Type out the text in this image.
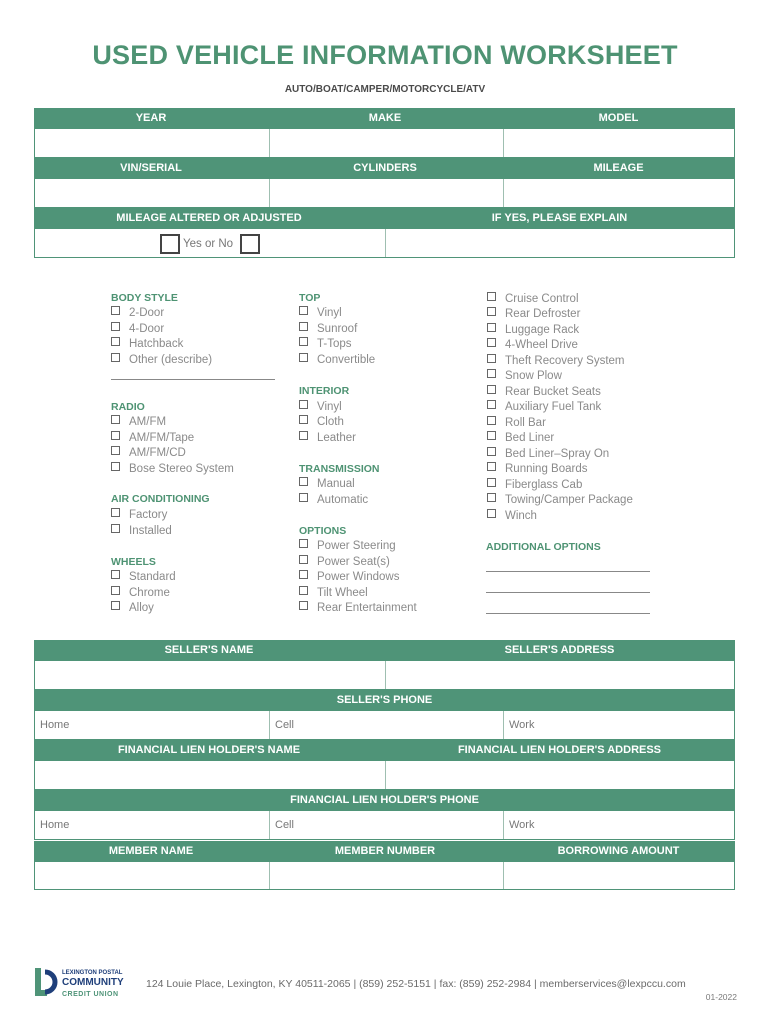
USED VEHICLE INFORMATION WORKSHEET
AUTO/BOAT/CAMPER/MOTORCYCLE/ATV
YEAR	MAKE	MODEL
VIN/SERIAL	CYLINDERS	MILEAGE
MILEAGE ALTERED OR ADJUSTED	IF YES, PLEASE EXPLAIN
Yes or No
BODY STYLE
2-Door
4-Door
Hatchback
Other (describe)
RADIO
AM/FM
AM/FM/Tape
AM/FM/CD
Bose Stereo System
AIR CONDITIONING
Factory
Installed
WHEELS
Standard
Chrome
Alloy
TOP
Vinyl
Sunroof
T-Tops
Convertible
INTERIOR
Vinyl
Cloth
Leather
TRANSMISSION
Manual
Automatic
OPTIONS
Power Steering
Power Seat(s)
Power Windows
Tilt Wheel
Rear Entertainment
Cruise Control
Rear Defroster
Luggage Rack
4-Wheel Drive
Theft Recovery System
Snow Plow
Rear Bucket Seats
Auxiliary Fuel Tank
Roll Bar
Bed Liner
Bed Liner–Spray On
Running Boards
Fiberglass Cab
Towing/Camper Package
Winch
ADDITIONAL OPTIONS
SELLER'S NAME	SELLER'S ADDRESS
SELLER'S PHONE
Home	Cell	Work
FINANCIAL LIEN HOLDER'S NAME	FINANCIAL LIEN HOLDER'S ADDRESS
FINANCIAL LIEN HOLDER'S PHONE
Home	Cell	Work
MEMBER NAME	MEMBER NUMBER	BORROWING AMOUNT
LEXINGTON POSTAL
COMMUNITY
CREDIT UNION
124 Louie Place, Lexington, KY 40511-2065 | (859) 252-5151 | fax: (859) 252-2984 | memberservices@lexpccu.com
01-2022
